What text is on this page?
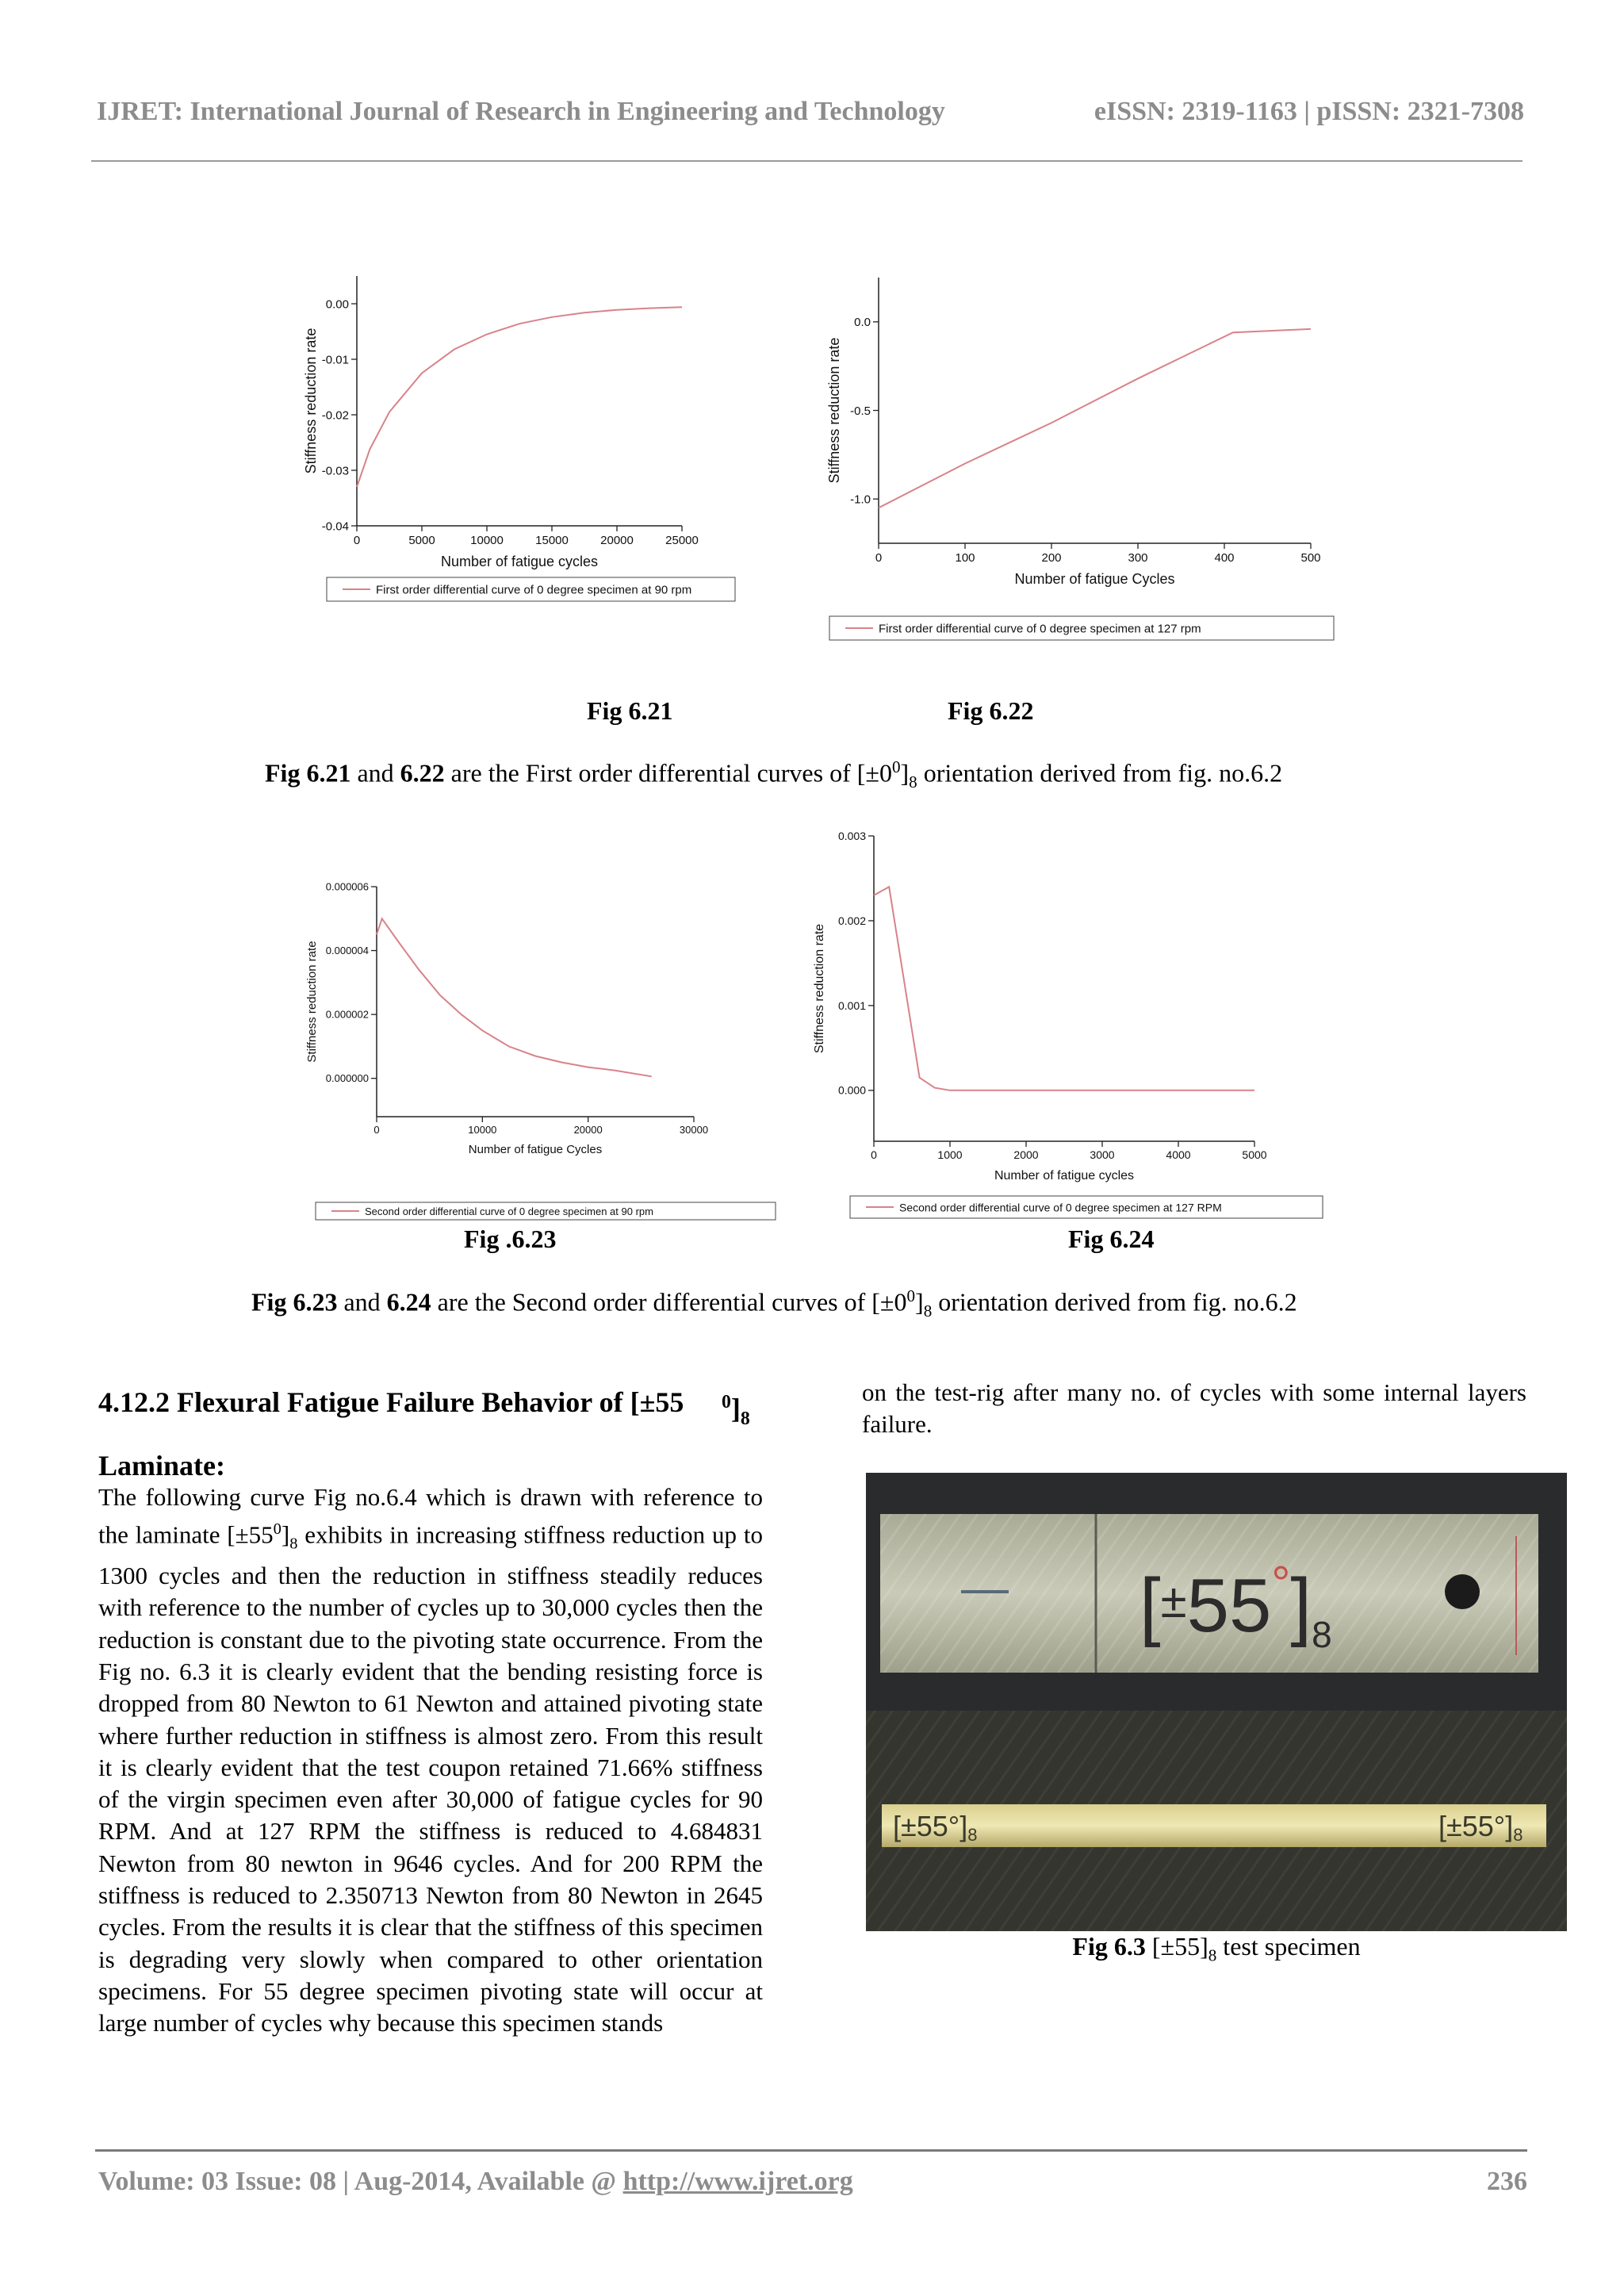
IJRET: International Journal of Research in Engineering and Technology	eISSN: 2319-1163 | pISSN: 2321-7308
0	5000	10000	15000	20000	25000
-0.04
-0.03
-0.02
-0.01
0.00
Number of fatigue cycles
Stiffness reduction rate
First order differential curve of 0 degree specimen at 90 rpm
0	100	200	300	400	500
-1.0
-0.5
0.0
Number of fatigue Cycles
Stiffness reduction rate
First order differential curve of 0 degree specimen at 127 rpm
0	10000	20000	30000
0.000000
0.000002
0.000004
0.000006
Number of fatigue Cycles
Stiffness reduction rate
Second order differential curve of 0 degree specimen at 90 rpm
0	1000	2000	3000	4000	5000
0.000
0.001
0.002
0.003
Number of fatigue cycles
Stiffness reduction rate
Second order differential curve of 0 degree specimen at 127 RPM
Fig 6.21	Fig 6.22
Fig .6.23	Fig 6.24
Fig 6.21 and 6.22 are the First order differential curves of $[\pm 0^0]_8$ orientation derived from fig. no.6.2
Fig 6.23 and 6.24 are the Second order differential curves of $[\pm 0^0]_8$ orientation derived from fig. no.6.2
4.12.2 Flexural Fatigue Failure Behavior of [±55
Laminate:
$^0]_8$
The following curve Fig no.6.4 which is drawn with reference to the laminate $[\pm 55^0]_8$ exhibits in increasing stiffness reduction up to 1300 cycles and then the reduction in stiffness steadily reduces with reference to the number of cycles up to 30,000 cycles then the reduction is constant due to the pivoting state occurrence. From the Fig no. 6.3 it is clearly evident that the bending resisting force is dropped from 80 Newton to 61 Newton and attained pivoting state where further reduction in stiffness is almost zero. From this result it is clearly evident that the test coupon retained 71.66% stiffness of the virgin specimen even after 30,000 of fatigue cycles for 90 RPM. And at 127 RPM the stiffness is reduced to 4.684831 Newton from 80 newton in 9646 cycles. And for 200 RPM the stiffness is reduced to 2.350713 Newton from 80 Newton in 2645 cycles. From the results it is clear that the stiffness of this specimen is degrading very slowly when compared to other orientation specimens. For 55 degree specimen pivoting state will occur at large number of cycles why because this specimen stands
on the test-rig after many no. of cycles with some internal layers failure.
$[\pm 55^\circ]_8$
[±55°]8	[±55°]8
Fig 6.3 $[\pm 55]_8$ test specimen
Volume: 03 Issue: 08 | Aug-2014, Available @ http://www.ijret.org	236
